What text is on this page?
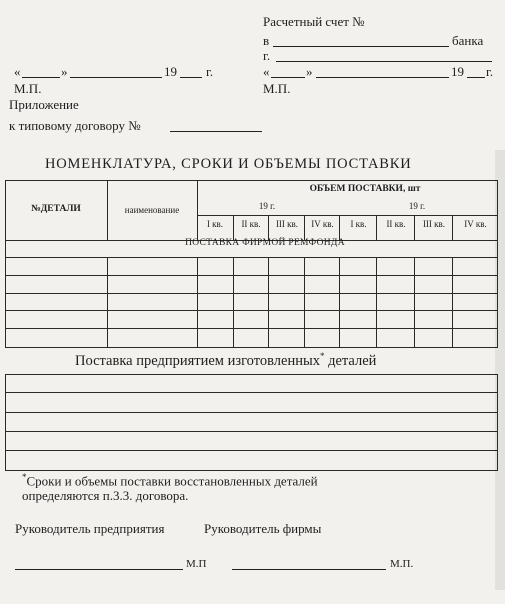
Расчетный счет №
в	банка
г.
«	»	19 г.	«	»	19 г.
М.П.	М.П.
Приложение
к типовому договору №
НОМЕНКЛАТУРА, СРОКИ И ОБЪЕМЫ ПОСТАВКИ

№ДЕТАЛИ	наименование
ОБЪЕМ ПОСТАВКИ, шт
19 г.	19 г.
I кв.	II кв.	III кв.	IV кв.	I кв.	II кв.	III кв.	IV кв.
ПОСТАВКА ФИРМОЙ РЕМФОНДА
Поставка предприятием изготовленных* деталей

*Сроки и объемы поставки восстановленных деталей
определяются п.3.3. договора.
Руководитель предприятия	Руководитель фирмы
М.П	М.П.
